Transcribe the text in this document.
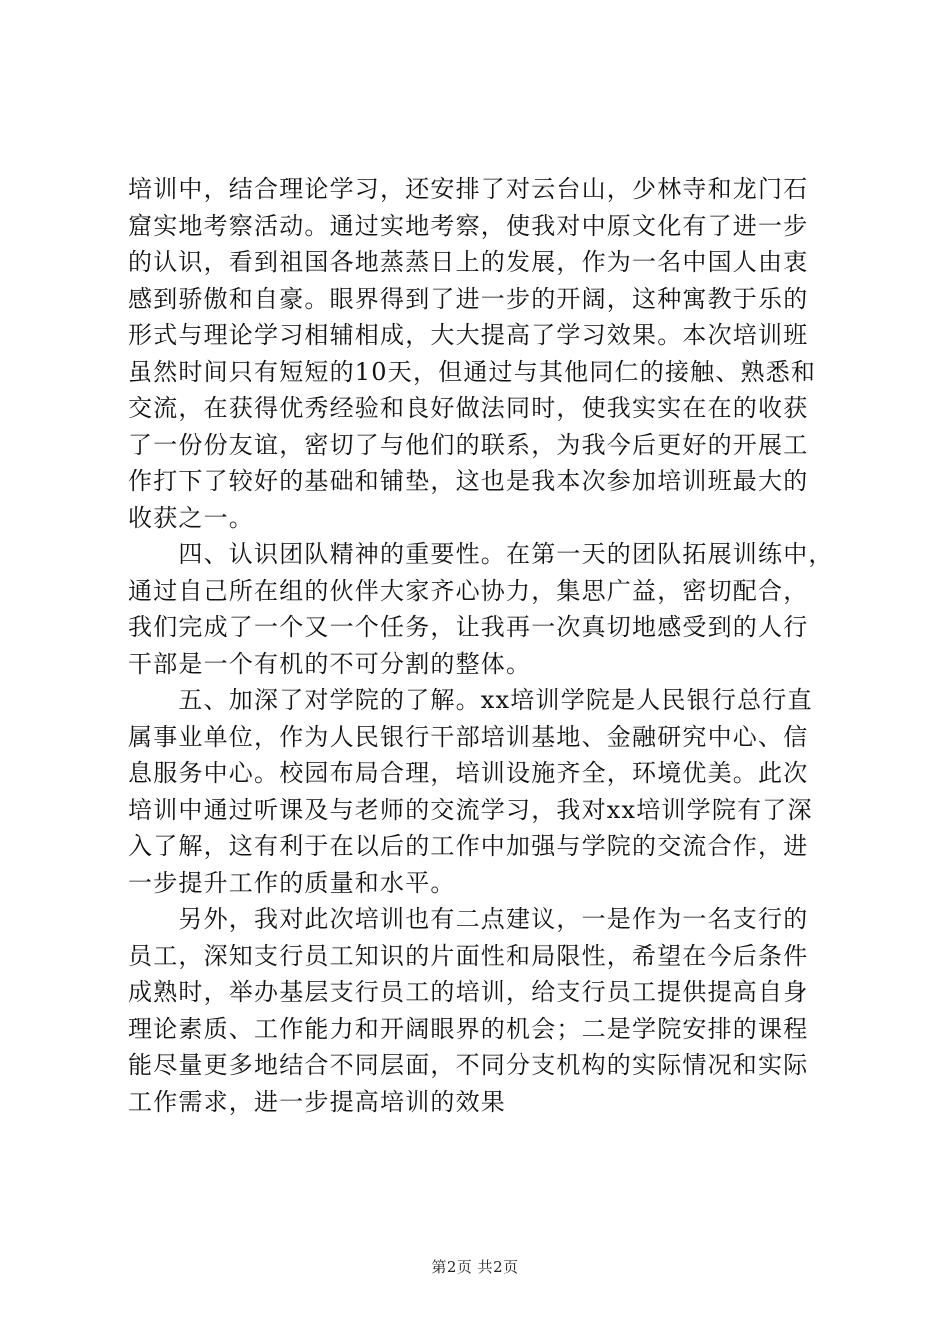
培训中，结合理论学习，还安排了对云台山，少林寺和龙门石
窟实地考察活动。通过实地考察，使我对中原文化有了进一步
的认识，看到祖国各地蒸蒸日上的发展，作为一名中国人由衷
感到骄傲和自豪。眼界得到了进一步的开阔，这种寓教于乐的
形式与理论学习相辅相成，大大提高了学习效果。本次培训班
虽然时间只有短短的10天，但通过与其他同仁的接触、熟悉和
交流，在获得优秀经验和良好做法同时，使我实实在在的收获
了一份份友谊，密切了与他们的联系，为我今后更好的开展工
作打下了较好的基础和铺垫，这也是我本次参加培训班最大的
收获之一。
　　四、认识团队精神的重要性。在第一天的团队拓展训练中，
通过自己所在组的伙伴大家齐心协力，集思广益，密切配合，
我们完成了一个又一个任务，让我再一次真切地感受到的人行
干部是一个有机的不可分割的整体。
　　五、加深了对学院的了解。xx培训学院是人民银行总行直
属事业单位，作为人民银行干部培训基地、金融研究中心、信
息服务中心。校园布局合理，培训设施齐全，环境优美。此次
培训中通过听课及与老师的交流学习，我对xx培训学院有了深
入了解，这有利于在以后的工作中加强与学院的交流合作，进
一步提升工作的质量和水平。
　　另外，我对此次培训也有二点建议，一是作为一名支行的
员工，深知支行员工知识的片面性和局限性，希望在今后条件
成熟时，举办基层支行员工的培训，给支行员工提供提高自身
理论素质、工作能力和开阔眼界的机会；二是学院安排的课程
能尽量更多地结合不同层面，不同分支机构的实际情况和实际
工作需求，进一步提高培训的效果
第2页 共2页
